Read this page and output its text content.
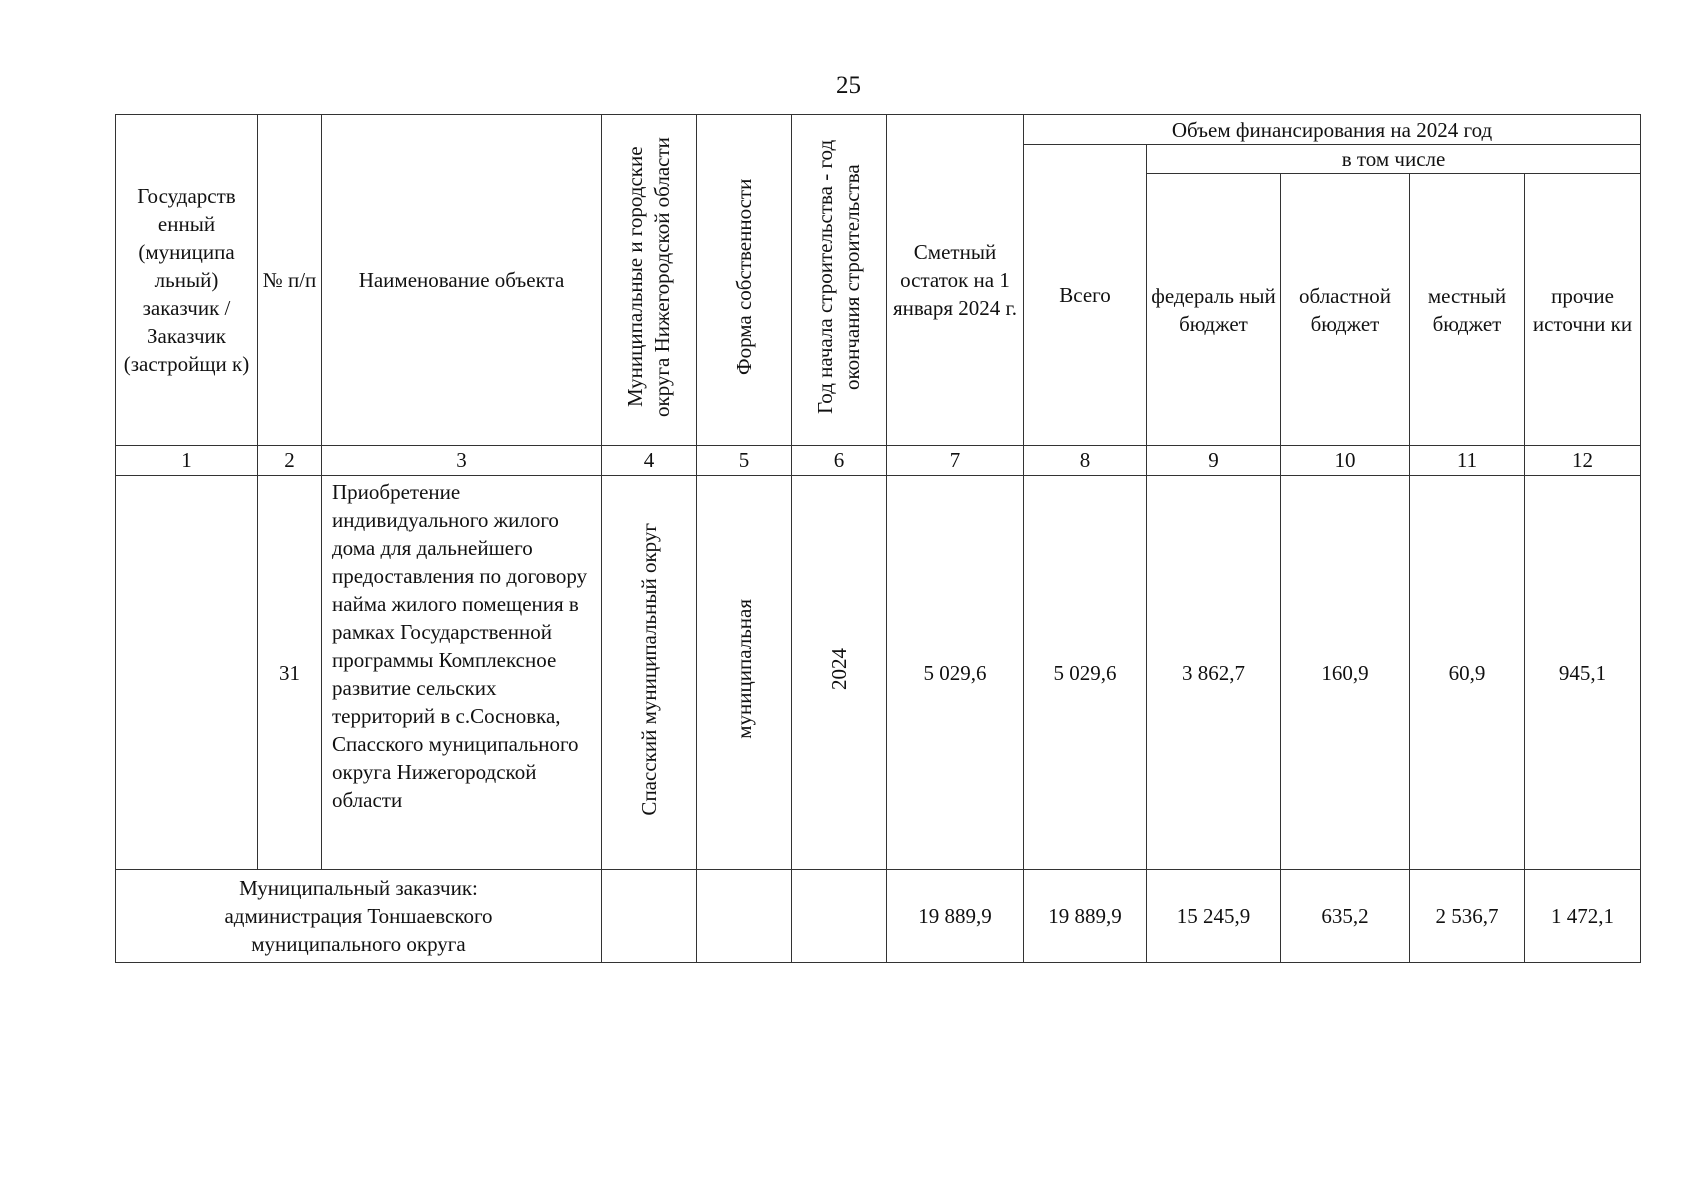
25
Государств енный (муниципа льный) заказчик / Заказчик (застройщи к)	№ п/п	Наименование объекта	Муниципальные и городские округа Нижегородской области	Форма собственности	Год начала строительства - год окончания строительства	Сметный остаток на 1 января 2024 г.	Объем финансирования на 2024 год				
							Всего	в том числе			
								федераль ный бюджет	областной бюджет	местный бюджет	прочие источни ки
1	2	3	4	5	6	7	8	9	10	11	12
	31	Приобретение индивидуального жилого дома для дальнейшего предоставления по договору найма жилого помещения в рамках Государственной программы Комплексное развитие сельских территорий в с.Сосновка, Спасского муниципального округа Нижегородской области	Спасский муниципальный округ	муниципальная	2024	5 029,6	5 029,6	3 862,7	160,9	60,9	945,1
Муниципальный заказчик: администрация Тоншаевского муниципального округа						19 889,9	19 889,9	15 245,9	635,2	2 536,7	1 472,1
